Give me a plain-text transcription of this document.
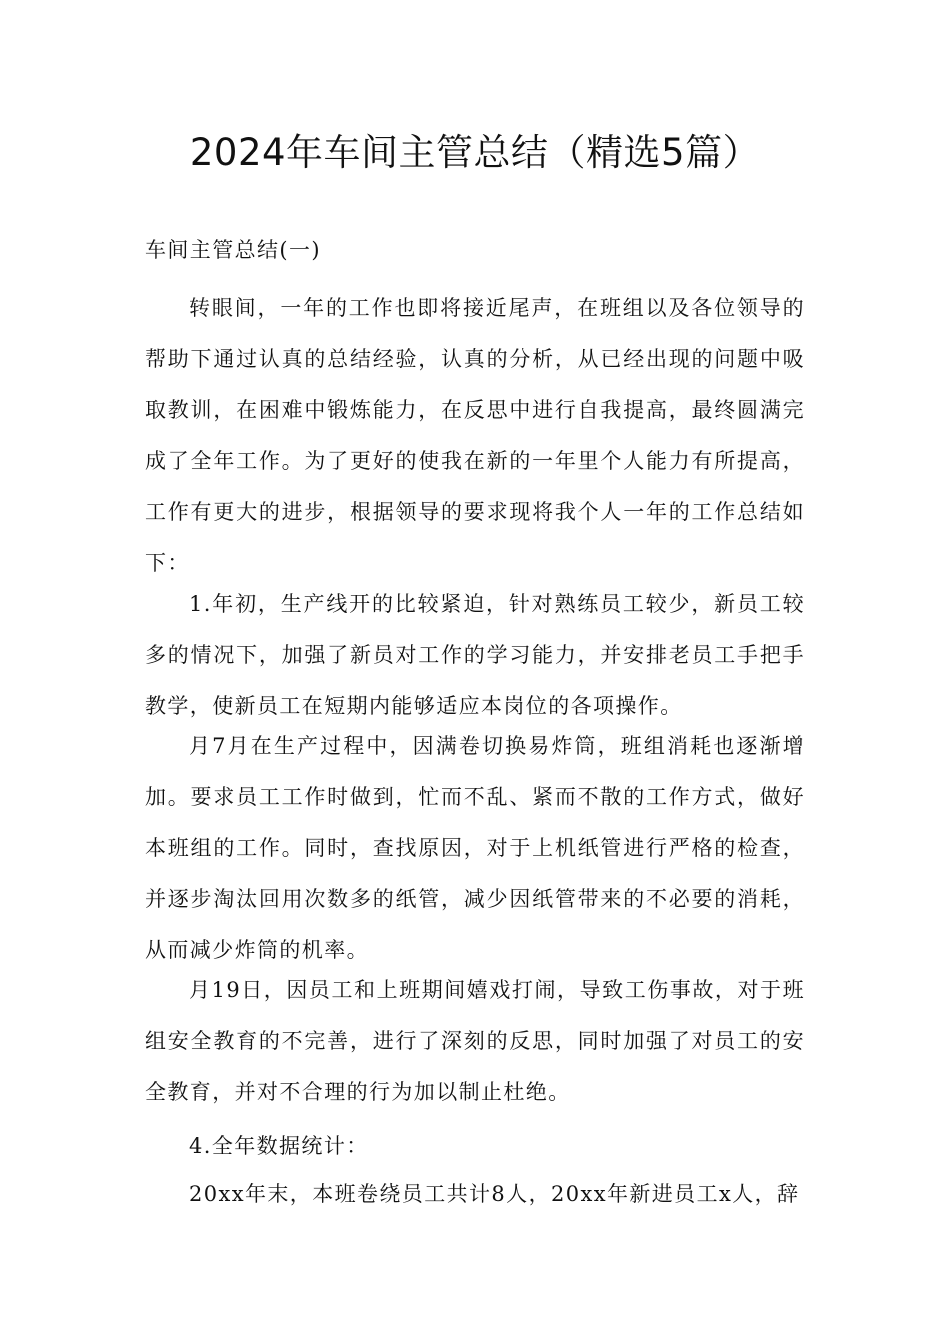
2024年车间主管总结（精选5篇）

车间主管总结(一)

转眼间，一年的工作也即将接近尾声，在班组以及各位领导的帮助下通过认真的总结经验，认真的分析，从已经出现的问题中吸取教训，在困难中锻炼能力，在反思中进行自我提高，最终圆满完成了全年工作。为了更好的使我在新的一年里个人能力有所提高，工作有更大的进步，根据领导的要求现将我个人一年的工作总结如下：

1.年初，生产线开的比较紧迫，针对熟练员工较少，新员工较多的情况下，加强了新员对工作的学习能力，并安排老员工手把手教学，使新员工在短期内能够适应本岗位的各项操作。

月7月在生产过程中，因满卷切换易炸筒，班组消耗也逐渐增加。要求员工工作时做到，忙而不乱、紧而不散的工作方式，做好本班组的工作。同时，查找原因，对于上机纸管进行严格的检查，并逐步淘汰回用次数多的纸管，减少因纸管带来的不必要的消耗，从而减少炸筒的机率。

月19日，因员工和上班期间嬉戏打闹，导致工伤事故，对于班组安全教育的不完善，进行了深刻的反思，同时加强了对员工的安全教育，并对不合理的行为加以制止杜绝。

4.全年数据统计：

20xx年末，本班卷绕员工共计8人，20xx年新进员工x人，辞
